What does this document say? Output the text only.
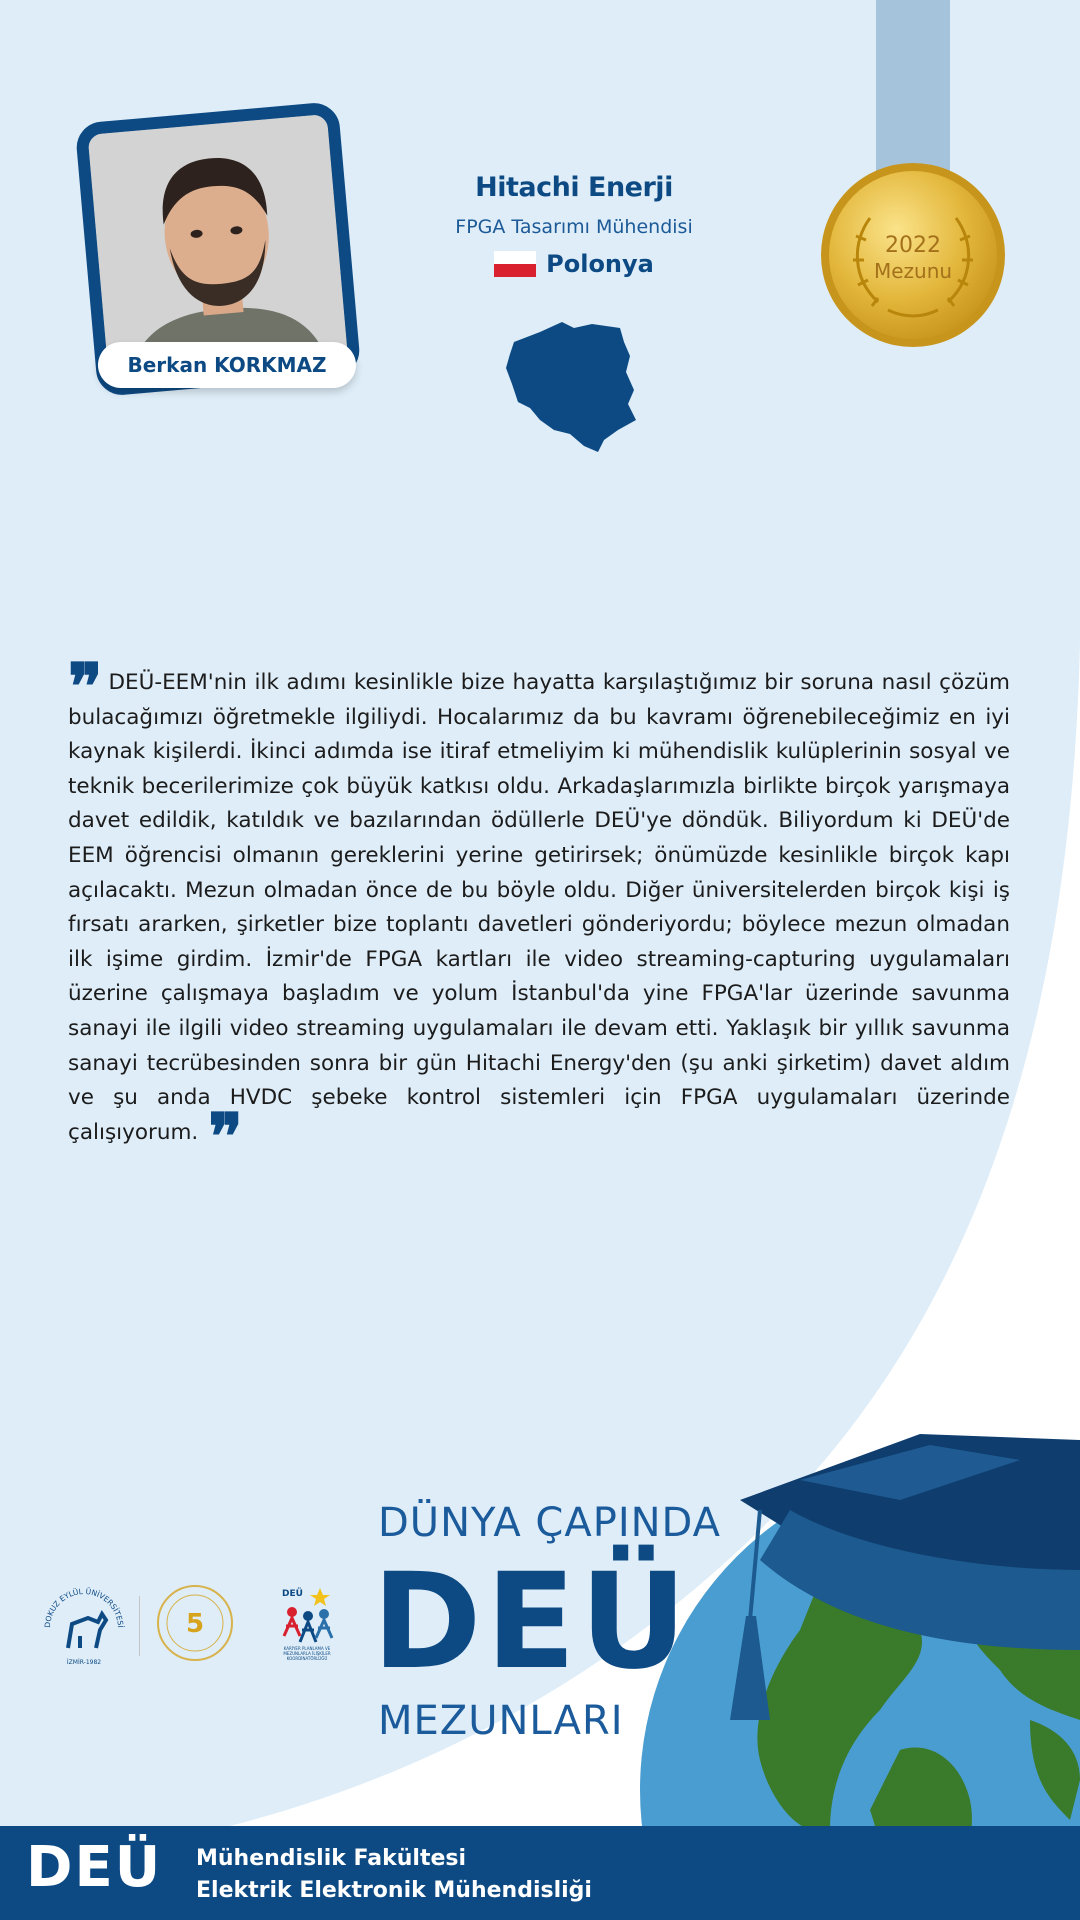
2022
Mezunu
Berkan KORKMAZ
Hitachi Enerji
FPGA Tasarımı Mühendisi
Polonya
❞ DEÜ-EEM'nin ilk adımı kesinlikle bize hayatta karşılaştığımız bir soruna nasıl çözüm bulacağımızı öğretmekle ilgiliydi. Hocalarımız da bu kavramı öğrenebileceğimiz en iyi kaynak kişilerdi. İkinci adımda ise itiraf etmeliyim ki mühendislik kulüplerinin sosyal ve teknik becerilerimize çok büyük katkısı oldu. Arkadaşlarımızla birlikte birçok yarışmaya davet edildik, katıldık ve bazılarından ödüllerle DEÜ'ye döndük. Biliyordum ki DEÜ'de EEM öğrencisi olmanın gereklerini yerine getirirsek; önümüzde kesinlikle birçok kapı açılacaktı. Mezun olmadan önce de bu böyle oldu. Diğer üniversitelerden birçok kişi iş fırsatı ararken, şirketler bize toplantı davetleri gönderiyordu; böylece mezun olmadan ilk işime girdim. İzmir'de FPGA kartları ile video streaming-capturing uygulamaları üzerine çalışmaya başladım ve yolum İstanbul'da yine FPGA'lar üzerinde savunma sanayi ile ilgili video streaming uygulamaları ile devam etti. Yaklaşık bir yıllık savunma sanayi tecrübesinden sonra bir gün Hitachi Energy'den (şu anki şirketim) davet aldım ve şu anda HVDC şebeke kontrol sistemleri için FPGA uygulamaları üzerinde çalışıyorum. ❞
DÜNYA ÇAPINDA
DEÜ
MEZUNLARI
DOKUZ EYLÜL ÜNİVERSİTESİ
İZMİR-1982
5
DEÜ
KARİYER PLANLAMA VE MEZUNLARLA İLİŞKİLER KOORDİNATÖRLÜĞÜ
DEÜ Mühendislik Fakültesi
Elektrik Elektronik Mühendisliği
